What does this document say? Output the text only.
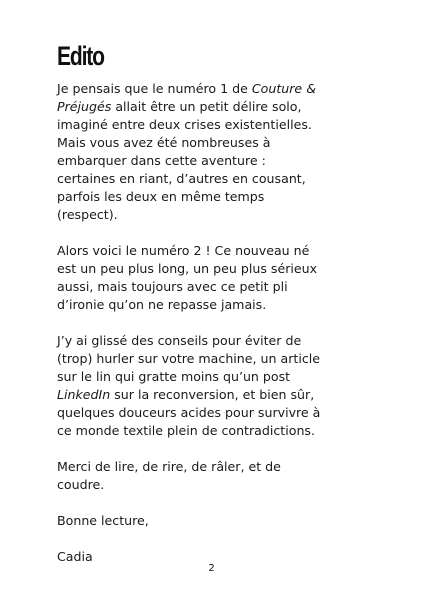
Edito

Je pensais que le numéro 1 de Couture &
Préjugés allait être un petit délire solo,
imaginé entre deux crises existentielles.
Mais vous avez été nombreuses à
embarquer dans cette aventure :
certaines en riant, d’autres en cousant,
parfois les deux en même temps
(respect).

Alors voici le numéro 2 ! Ce nouveau né
est un peu plus long, un peu plus sérieux
aussi, mais toujours avec ce petit pli
d’ironie qu’on ne repasse jamais.

J’y ai glissé des conseils pour éviter de
(trop) hurler sur votre machine, un article
sur le lin qui gratte moins qu’un post
LinkedIn sur la reconversion, et bien sûr,
quelques douceurs acides pour survivre à
ce monde textile plein de contradictions.

Merci de lire, de rire, de râler, et de
coudre.

Bonne lecture,

Cadia

2
